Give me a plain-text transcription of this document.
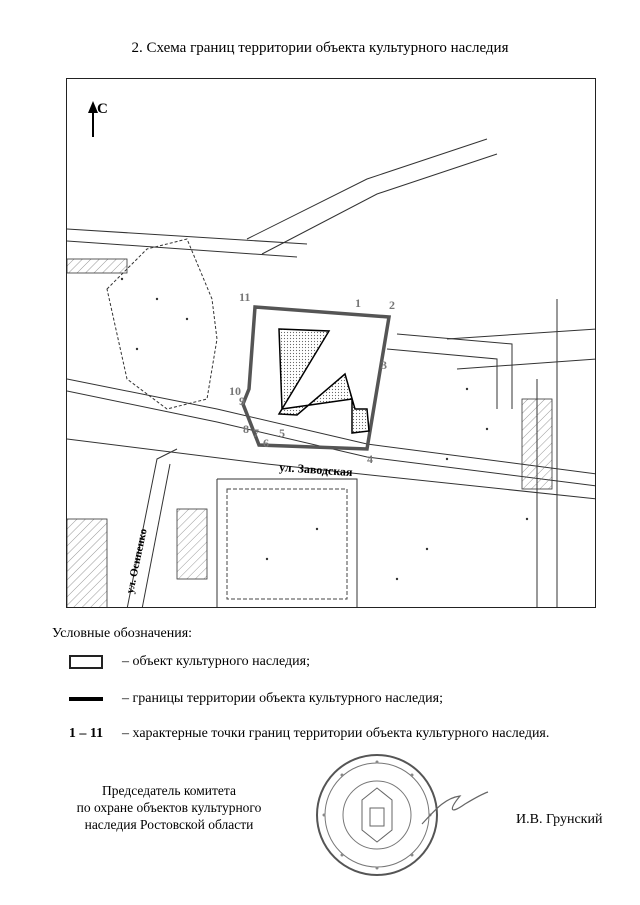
2. Схема границ территории объекта культурного наследия
С
1 2
3
4
5
6
7
8
9
10
11
ул. Заводская
ул. Осипенко
Условные обозначения:
– объект культурного наследия;
– границы территории объекта культурного наследия;
1 – 11 – характерные точки границ территории объекта культурного наследия.
Председатель комитета
по охране объектов культурного
наследия Ростовской области	И.В. Грунский
